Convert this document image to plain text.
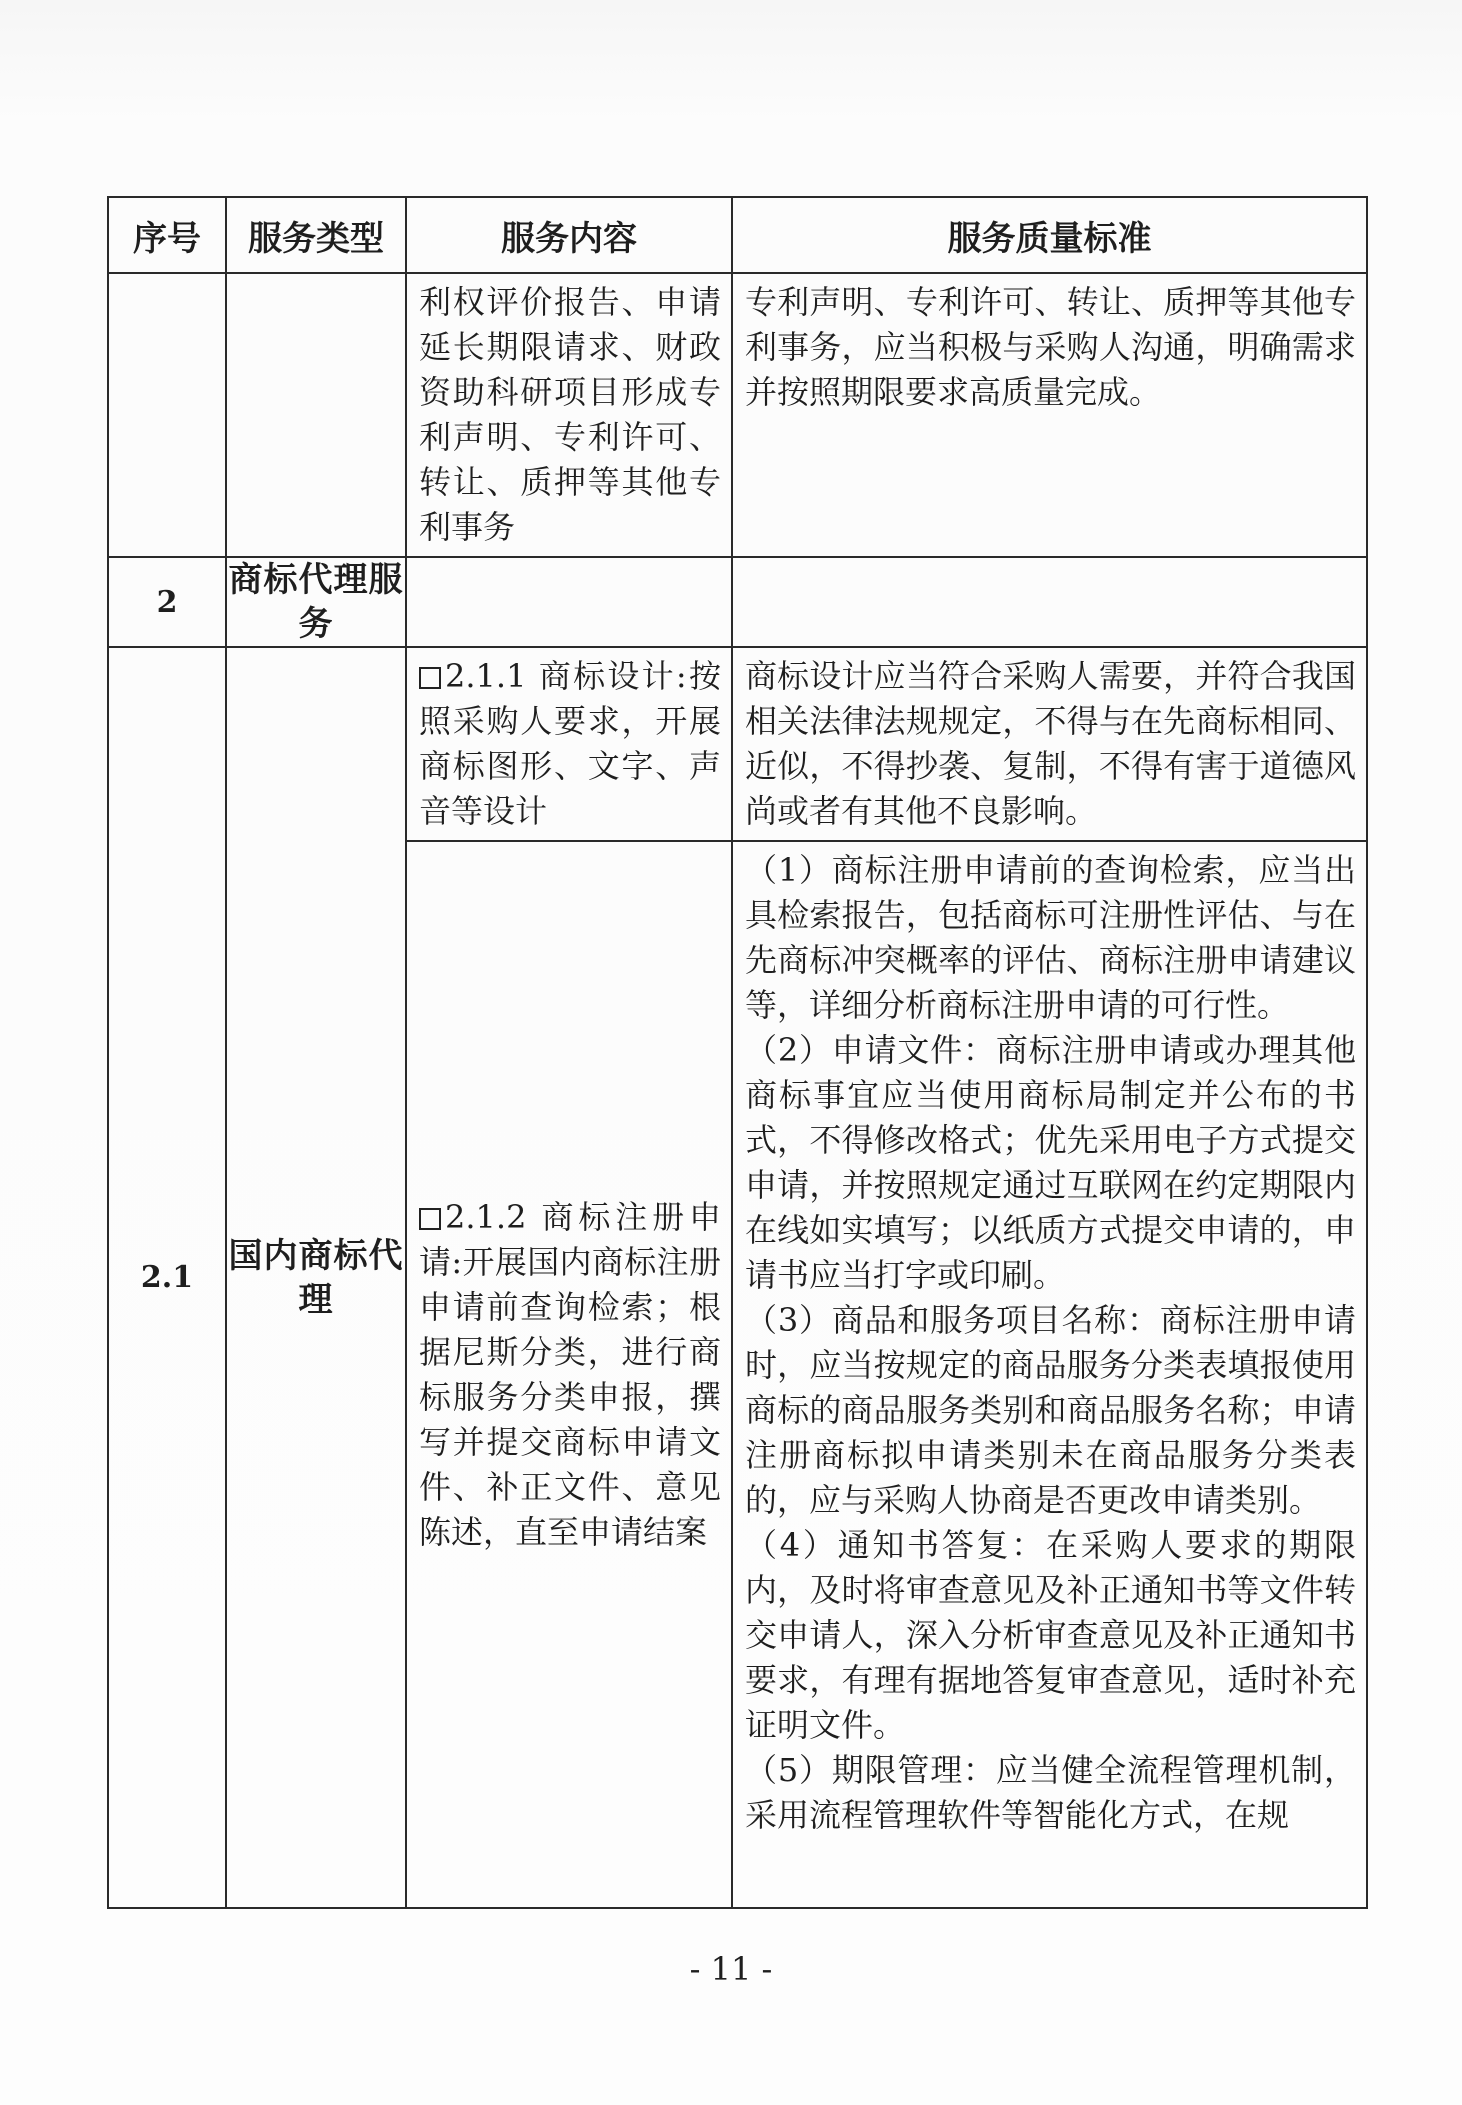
序号	服务类型	服务内容	服务质量标准

		利权评价报告、申请延长期限请求、财政资助科研项目形成专利声明、专利许可、转让、质押等其他专利事务	专利声明、专利许可、转让、质押等其他专利事务，应当积极与采购人沟通，明确需求并按照期限要求高质量完成。

2	商标代理服务		
2.1	国内商标代理	2.1.1 商标设计:按照采购人要求，开展商标图形、文字、声音等设计	商标设计应当符合采购人需要，并符合我国相关法律法规规定，不得与在先商标相同、近似，不得抄袭、复制，不得有害于道德风尚或者有其他不良影响。

		2.1.2 商标注册申请:开展国内商标注册申请前查询检索；根据尼斯分类，进行商标服务分类申报，撰写并提交商标申请文件、补正文件、意见陈述，直至申请结案	（1）商标注册申请前的查询检索，应当出具检索报告，包括商标可注册性评估、与在先商标冲突概率的评估、商标注册申请建议等，详细分析商标注册申请的可行性。

（2）申请文件：商标注册申请或办理其他商标事宜应当使用商标局制定并公布的书式，不得修改格式；优先采用电子方式提交申请，并按照规定通过互联网在约定期限内在线如实填写；以纸质方式提交申请的，申请书应当打字或印刷。

（3）商品和服务项目名称：商标注册申请时，应当按规定的商品服务分类表填报使用商标的商品服务类别和商品服务名称；申请注册商标拟申请类别未在商品服务分类表的，应与采购人协商是否更改申请类别。

（4）通知书答复：在采购人要求的期限内，及时将审查意见及补正通知书等文件转交申请人，深入分析审查意见及补正通知书要求，有理有据地答复审查意见，适时补充证明文件。

（5）期限管理：应当健全流程管理机制，采用流程管理软件等智能化方式，在规

- 11 -
